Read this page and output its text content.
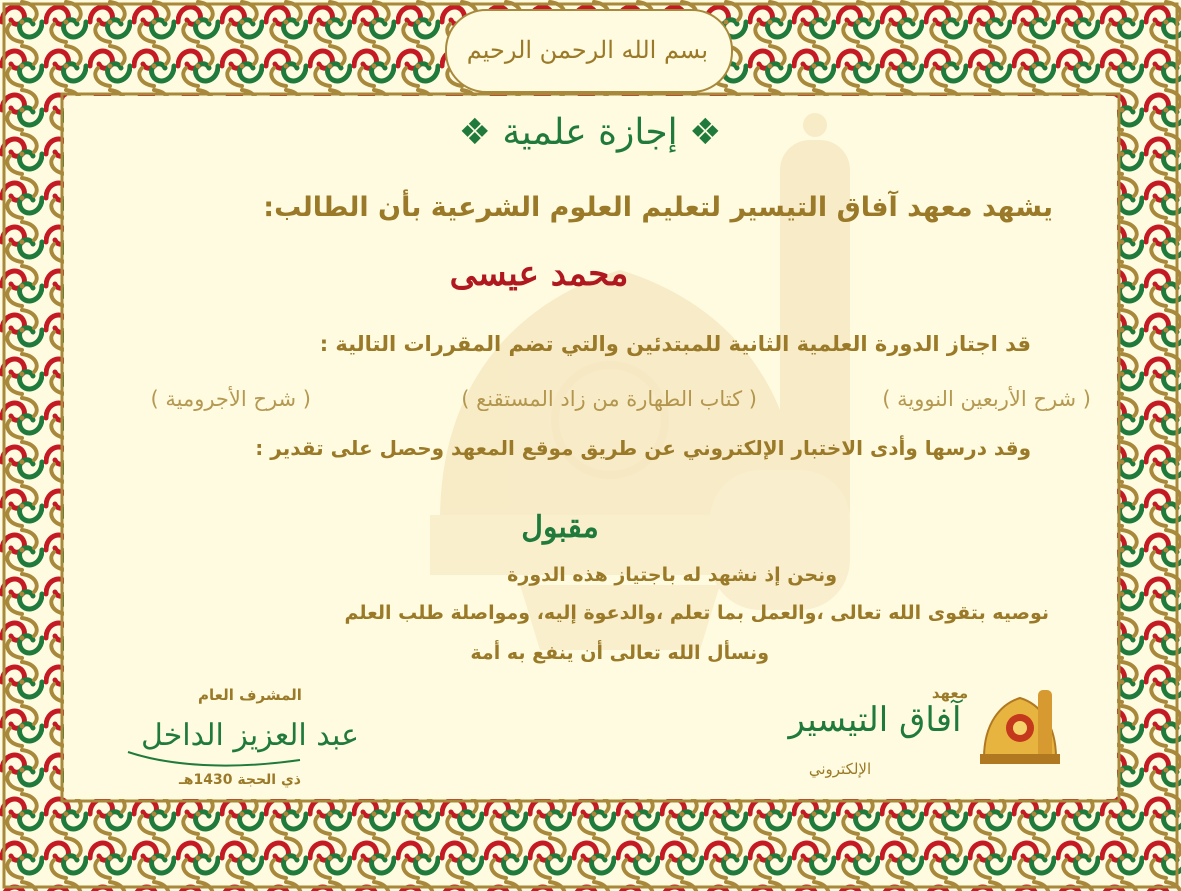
بسم الله الرحمن الرحيم
❖ إجازة علمية ❖
يشهد معهد آفاق التيسير لتعليم العلوم الشرعية بأن الطالب:
محمد عيسى
قد اجتاز الدورة العلمية الثانية للمبتدئين والتي تضم المقررات التالية :
( شرح الأربعين النووية )
( كتاب الطهارة من زاد المستقنع )
( شرح الأجرومية )
وقد درسها وأدى الاختبار الإلكتروني عن طريق موقع المعهد وحصل على تقدير :
مقبول
ونحن إذ نشهد له باجتياز هذه الدورة
نوصيه بتقوى الله تعالى ،والعمل بما تعلم ،والدعوة إليه، ومواصلة طلب العلم
ونسأل الله تعالى أن ينفع به أمة
المشرف العام
عبد العزيز الداخل
ذي الحجة 1430هـ
معهد
آفاق التيسير
الإلكتروني
